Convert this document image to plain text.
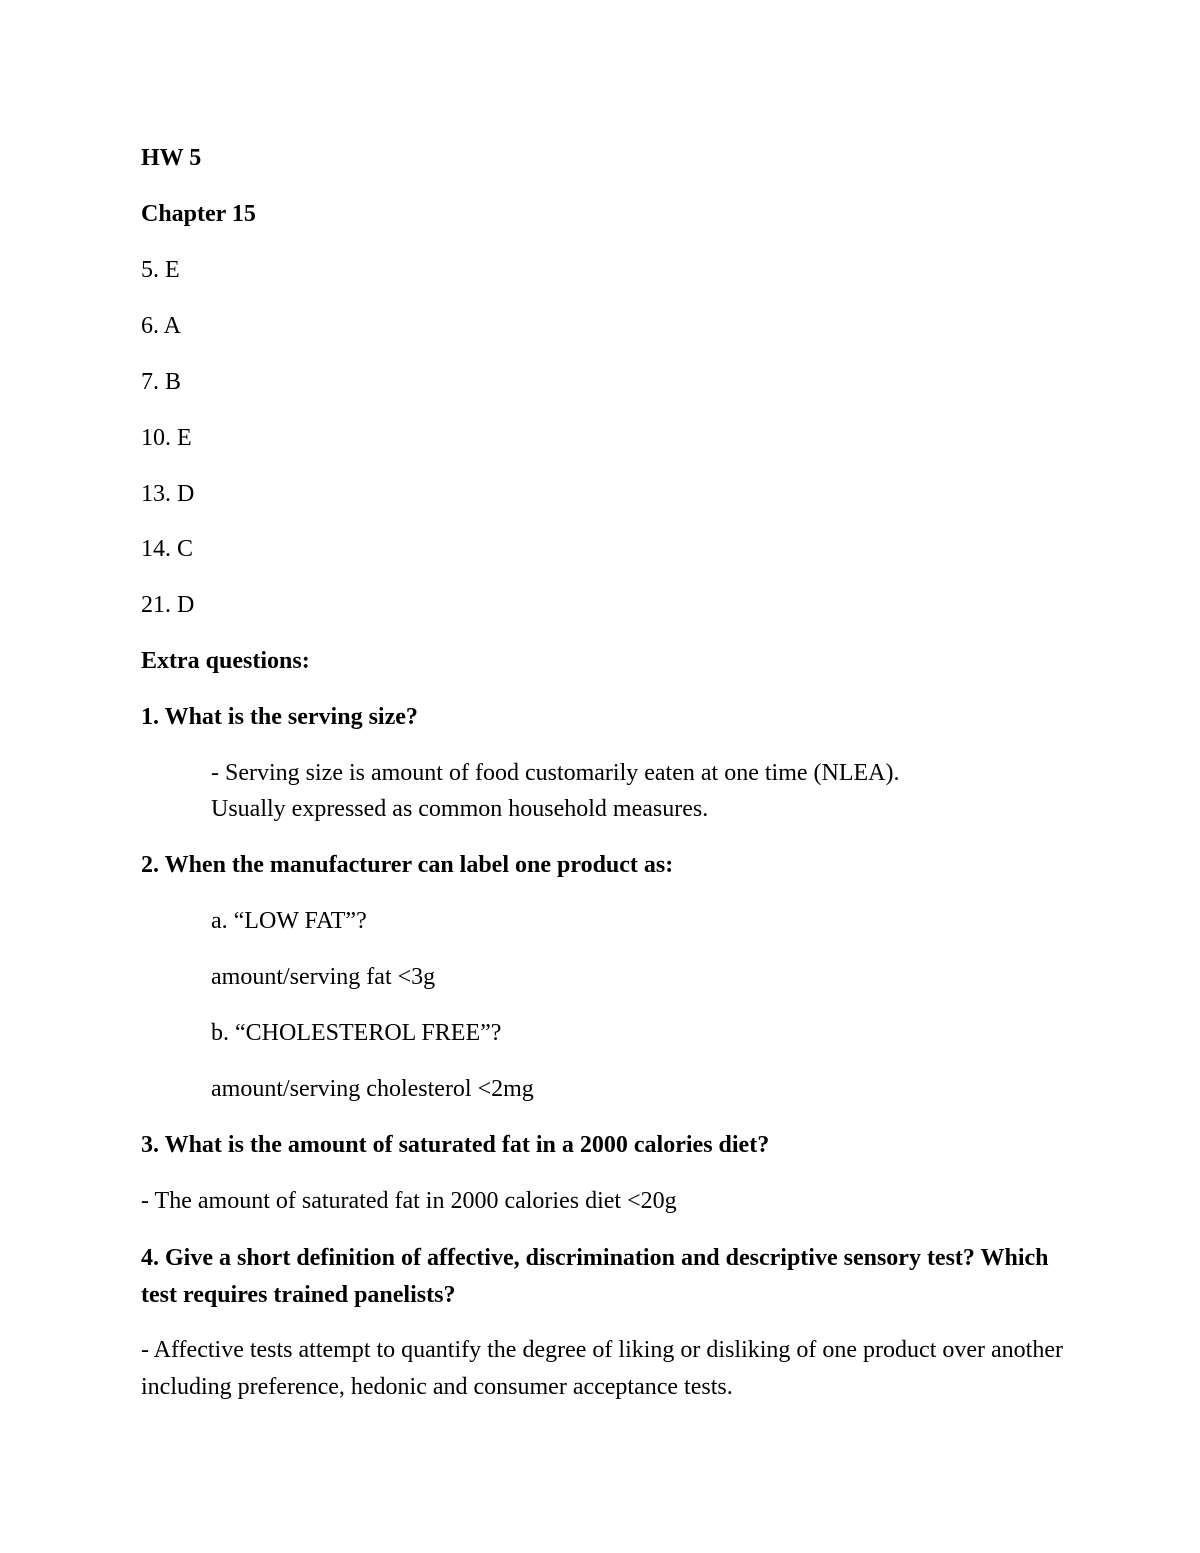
HW 5
Chapter 15
5. E
6. A
7. B
10. E
13. D
14. C
21. D
Extra questions:
1. What is the serving size?
- Serving size is amount of food customarily eaten at one time (NLEA).
Usually expressed as common household measures.
2. When the manufacturer can label one product as:
a. “LOW FAT”?
amount/serving fat <3g
b. “CHOLESTEROL FREE”?
amount/serving cholesterol <2mg
3. What is the amount of saturated fat in a 2000 calories diet?
- The amount of saturated fat in 2000 calories diet <20g
4. Give a short definition of affective, discrimination and descriptive sensory test? Which test requires trained panelists?
- Affective tests attempt to quantify the degree of liking or disliking of one product over another including preference, hedonic and consumer acceptance tests.
